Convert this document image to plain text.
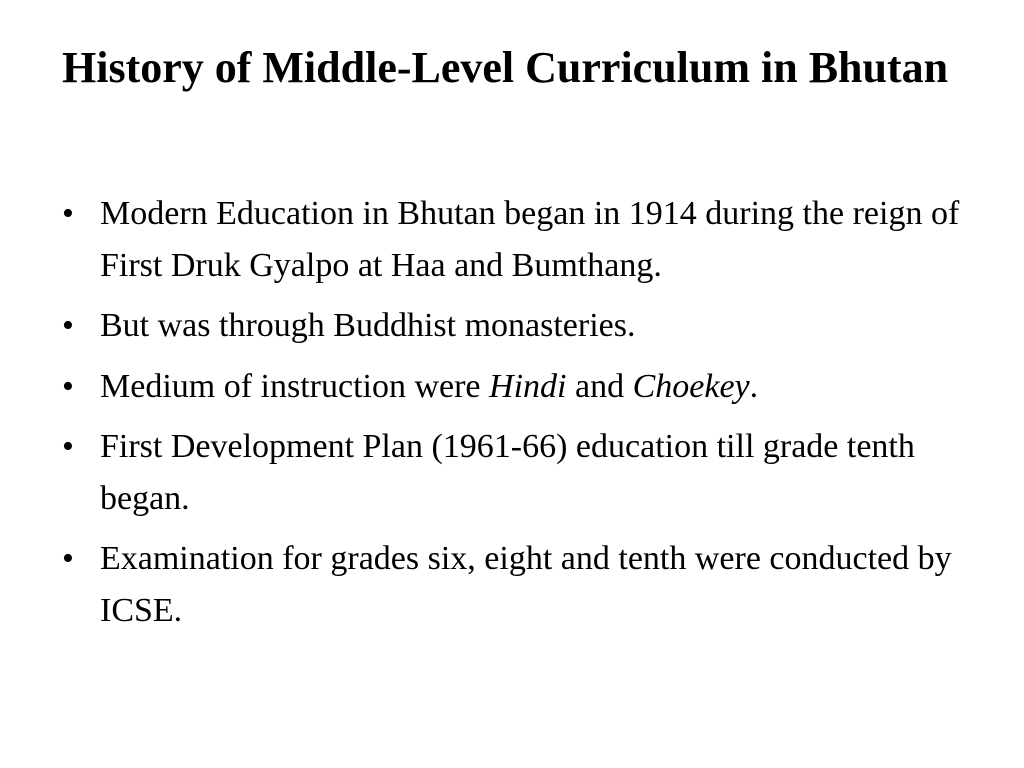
History of Middle-Level Curriculum in Bhutan
• Modern Education in Bhutan began in 1914 during the reign of First Druk Gyalpo at Haa and Bumthang.
• But was through Buddhist monasteries.
• Medium of instruction were Hindi and Choekey.
• First Development Plan (1961-66) education till grade tenth began.
• Examination for grades six, eight and tenth were conducted by ICSE.
